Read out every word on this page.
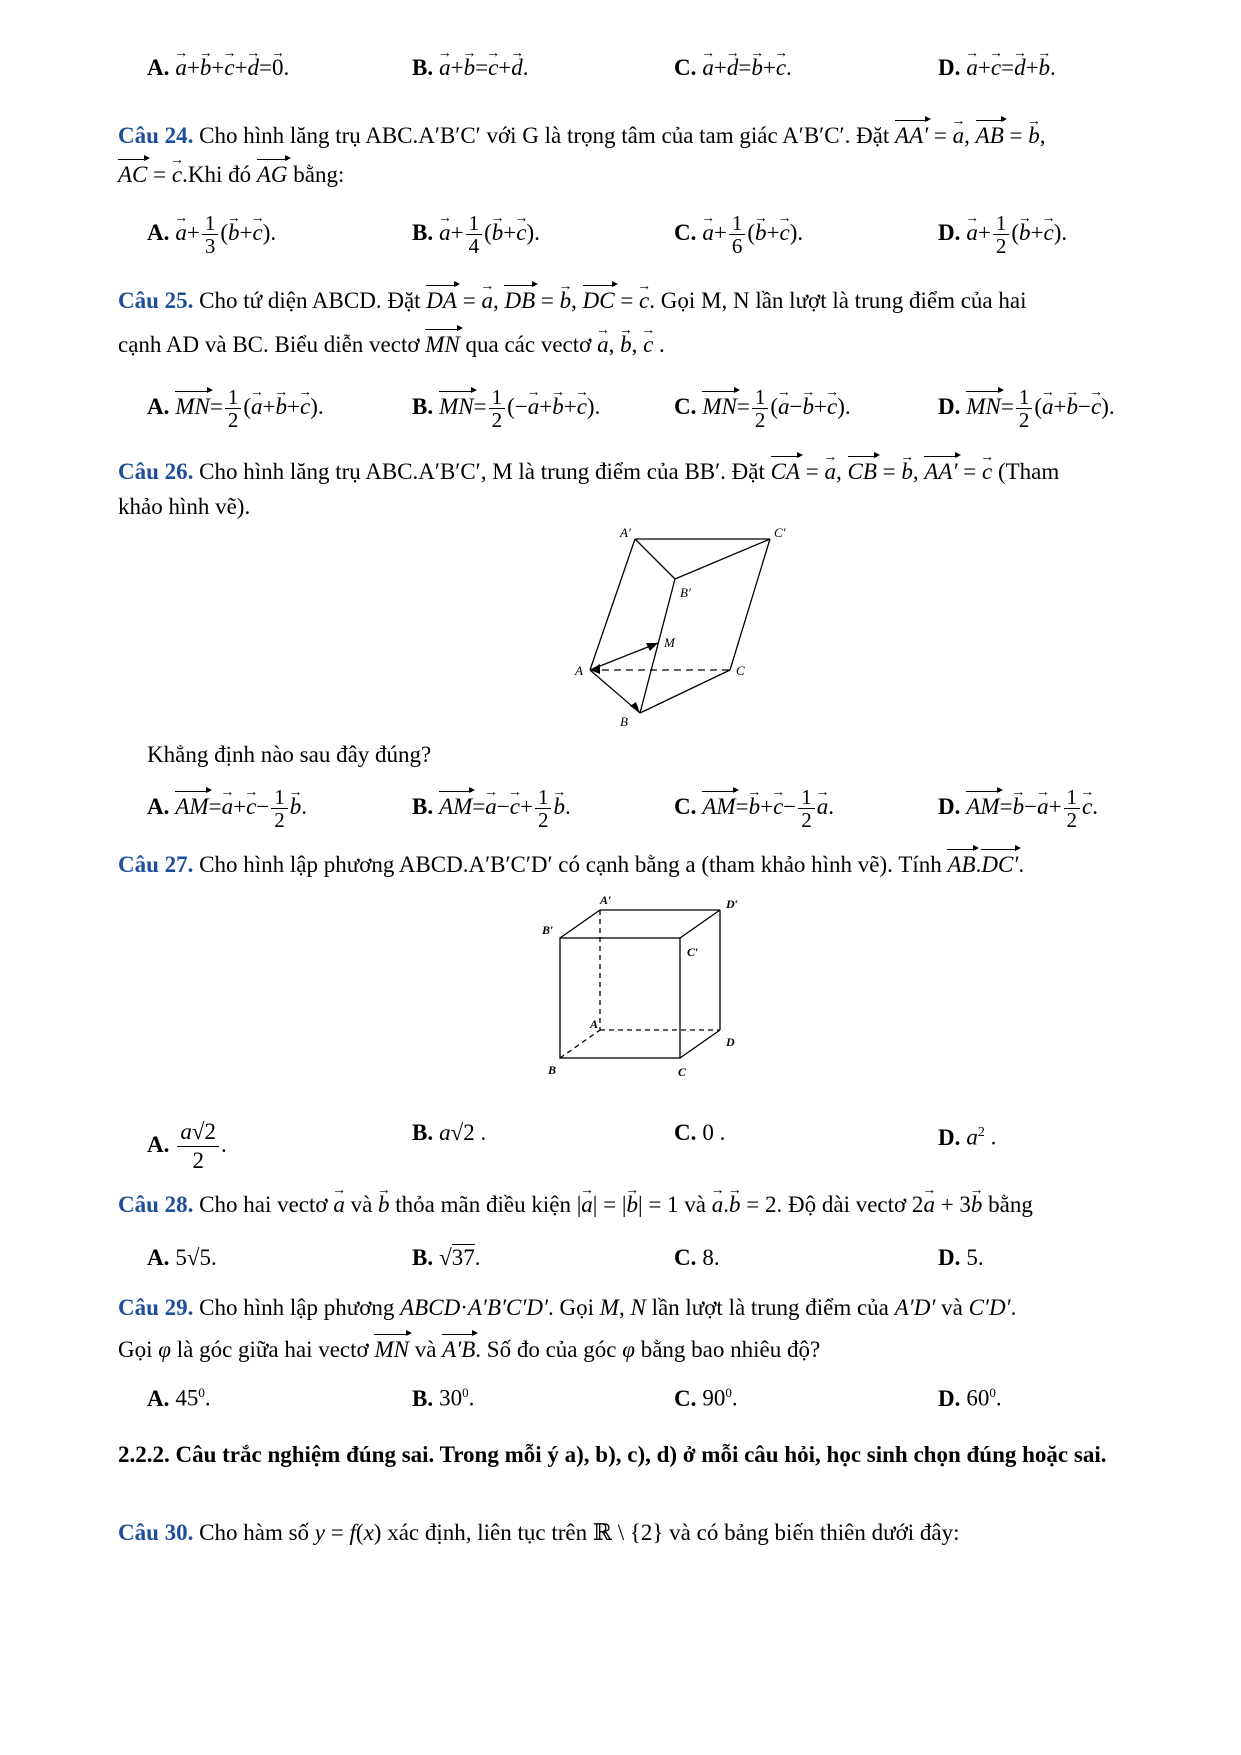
A. a →+b →+c →+d →=0 →.	B. a →+b →=c →+d →.	C. a →+d →=b →+c →.	D. a →+c →=d →+b →.
Câu 24. Cho hình lăng trụ ABC.A′B′C′ với G là trọng tâm của tam giác A′B′C′. Đặt AA′ = a →, AB = b →,
AC = c →.Khi đó AG bằng:
A. $a \to+ \frac{1}{3} (b \to+c$ →).	B. $a \to+ \frac{1}{4} (b \to+c$ →).	C. $a \to+ \frac{1}{6} (b \to+c$ →).	D. $a \to+ \frac{1}{2} (b \to+c$ →).
Câu 25. Cho tứ diện ABCD. Đặt DA = a →, DB = b →, DC = c →. Gọi M, N lần lượt là trung điểm của hai
cạnh AD và BC. Biểu diễn vectơ MN qua các vectơ a →, b →, c → .
A. $MN= \frac{1}{2} (a \to+b \to+c$ →).	B. $MN= \frac{1}{2} (-a \to+b \to+c$ →).	C. $MN= \frac{1}{2} (a \to-b \to+c$ →).	D. $MN= \frac{1}{2} (a \to+b \to-c$ →).
Câu 26. Cho hình lăng trụ ABC.A′B′C′, M là trung điểm của BB′. Đặt CA = a →, CB = b →, AA′ = c → (Tham
khảo hình vẽ).
A′	C′
B′
M
A	C
B
Khẳng định nào sau đây đúng?
A. $AM=a \to+c \to- \frac{1}{2}$ b →.	B. $AM=a \to-c \to+ \frac{1}{2}$ b →.	C. $AM=b \to+c \to- \frac{1}{2}$ a →.	D. $AM=b \to-a \to+ \frac{1}{2}$ c →.
Câu 27. Cho hình lập phương ABCD.A′B′C′D′ có cạnh bằng a (tham khảo hình vẽ). Tính AB.DC′.
A′	D′
B′
C′
A
D
B	C
A. $\frac{a√2}{2}$ .	B. a√2 .	C. 0 .	D. $a^2$ .
Câu 28. Cho hai vectơ a → và b → thỏa mãn điều kiện |a →| = |b →| = 1 và a →.b → = 2. Độ dài vectơ 2a → + 3b → bằng
A. 5√5.	B. √37.	C. 8.	D. 5.
Câu 29. Cho hình lập phương ABCD·A′B′C′D′. Gọi M, N lần lượt là trung điểm của A′D′ và C′D′.
Gọi φ là góc giữa hai vectơ MN và A′B. Số đo của góc φ bằng bao nhiêu độ?
A. $45^0$.	B. $30^0$.	C. $90^0$.	D. $60^0$.
2.2.2. Câu trắc nghiệm đúng sai. Trong mỗi ý a), b), c), d) ở mỗi câu hỏi, học sinh chọn đúng hoặc sai.
Câu 30. Cho hàm số y = f(x) xác định, liên tục trên ℝ \ {2} và có bảng biến thiên dưới đây:
